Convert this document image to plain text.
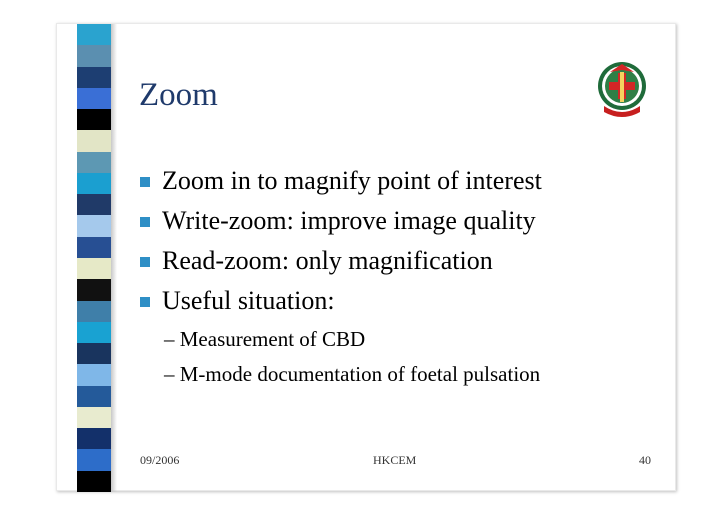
Zoom
Zoom in to magnify point of interest
Write-zoom: improve image quality
Read-zoom: only magnification
Useful situation:
– Measurement of CBD
– M-mode documentation of foetal pulsation
09/2006	HKCEM	40
